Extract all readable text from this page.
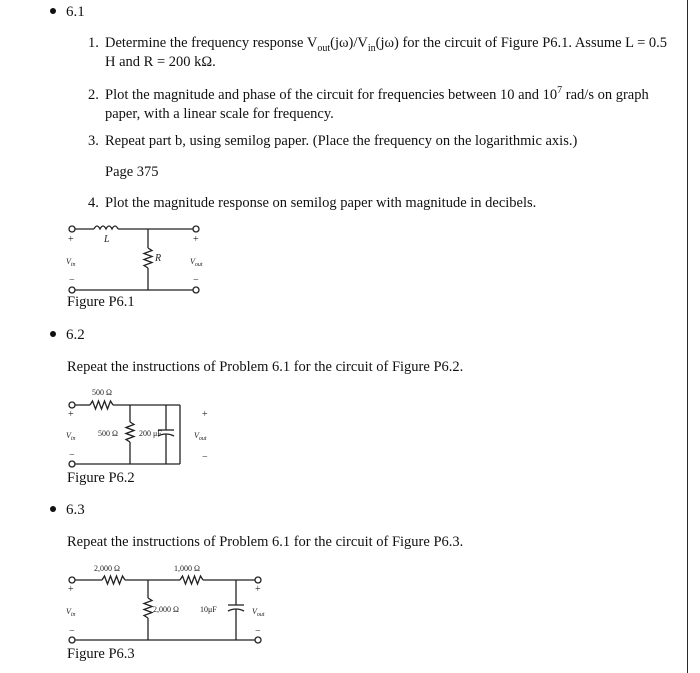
6.1
1. Determine the frequency response $V_{out}(j\omega)/V_{in}(j\omega)$ for the circuit of Figure P6.1. Assume L = 0.5
H and R = 200 kΩ.
2. Plot the magnitude and phase of the circuit for frequencies between 10 and $10^7$ rad/s on graph
paper, with a linear scale for frequency.
3. Repeat part b, using semilog paper. (Place the frequency on the logarithmic axis.)
Page 375
4. Plot the magnitude response on semilog paper with magnitude in decibels.
L
R
+	+
−	−
$V_{in}$	$V_{out}$
Figure P6.1
6.2
Repeat the instructions of Problem 6.1 for the circuit of Figure P6.2.
500 Ω
500 Ω	200 μF
+	+
−	−
$V_{in}$	$V_{out}$
Figure P6.2
6.3
Repeat the instructions of Problem 6.1 for the circuit of Figure P6.3.
2,000 Ω	1,000 Ω
2,000 Ω	10μF
+	+
−	−
$V_{in}$	$V_{out}$
Figure P6.3
